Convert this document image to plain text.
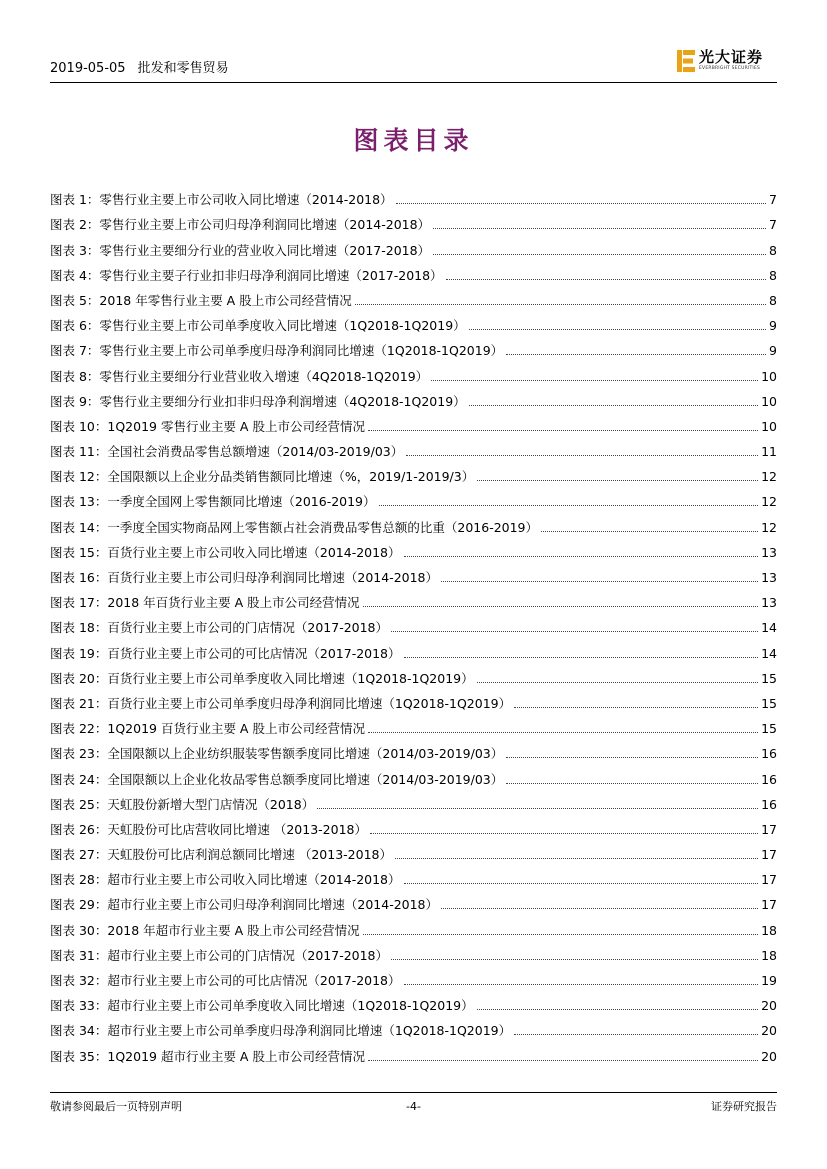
2019-05-05 批发和零售贸易
光大证券
EVERBRIGHT SECURITIES
图表目录
图表 1：零售行业主要上市公司收入同比增速（2014-2018）	7
图表 2：零售行业主要上市公司归母净利润同比增速（2014-2018）	7
图表 3：零售行业主要细分行业的营业收入同比增速（2017-2018）	8
图表 4：零售行业主要子行业扣非归母净利润同比增速（2017-2018）	8
图表 5：2018 年零售行业主要 A 股上市公司经营情况	8
图表 6：零售行业主要上市公司单季度收入同比增速（1Q2018-1Q2019）	9
图表 7：零售行业主要上市公司单季度归母净利润同比增速（1Q2018-1Q2019）	9
图表 8：零售行业主要细分行业营业收入增速（4Q2018-1Q2019）	10
图表 9：零售行业主要细分行业扣非归母净利润增速（4Q2018-1Q2019）	10
图表 10：1Q2019 零售行业主要 A 股上市公司经营情况	10
图表 11：全国社会消费品零售总额增速（2014/03-2019/03）	11
图表 12：全国限额以上企业分品类销售额同比增速（%，2019/1-2019/3）	12
图表 13：一季度全国网上零售额同比增速（2016-2019）	12
图表 14：一季度全国实物商品网上零售额占社会消费品零售总额的比重（2016-2019）	12
图表 15：百货行业主要上市公司收入同比增速（2014-2018）	13
图表 16：百货行业主要上市公司归母净利润同比增速（2014-2018）	13
图表 17：2018 年百货行业主要 A 股上市公司经营情况	13
图表 18：百货行业主要上市公司的门店情况（2017-2018）	14
图表 19：百货行业主要上市公司的可比店情况（2017-2018）	14
图表 20：百货行业主要上市公司单季度收入同比增速（1Q2018-1Q2019）	15
图表 21：百货行业主要上市公司单季度归母净利润同比增速（1Q2018-1Q2019）	15
图表 22：1Q2019 百货行业主要 A 股上市公司经营情况	15
图表 23：全国限额以上企业纺织服装零售额季度同比增速（2014/03-2019/03）	16
图表 24：全国限额以上企业化妆品零售总额季度同比增速（2014/03-2019/03）	16
图表 25：天虹股份新增大型门店情况（2018）	16
图表 26：天虹股份可比店营收同比增速 （2013-2018）	17
图表 27：天虹股份可比店利润总额同比增速 （2013-2018）	17
图表 28：超市行业主要上市公司收入同比增速（2014-2018）	17
图表 29：超市行业主要上市公司归母净利润同比增速（2014-2018）	17
图表 30：2018 年超市行业主要 A 股上市公司经营情况	18
图表 31：超市行业主要上市公司的门店情况（2017-2018）	18
图表 32：超市行业主要上市公司的可比店情况（2017-2018）	19
图表 33：超市行业主要上市公司单季度收入同比增速（1Q2018-1Q2019）	20
图表 34：超市行业主要上市公司单季度归母净利润同比增速（1Q2018-1Q2019）	20
图表 35：1Q2019 超市行业主要 A 股上市公司经营情况	20
敬请参阅最后一页特别声明	-4-	证券研究报告
